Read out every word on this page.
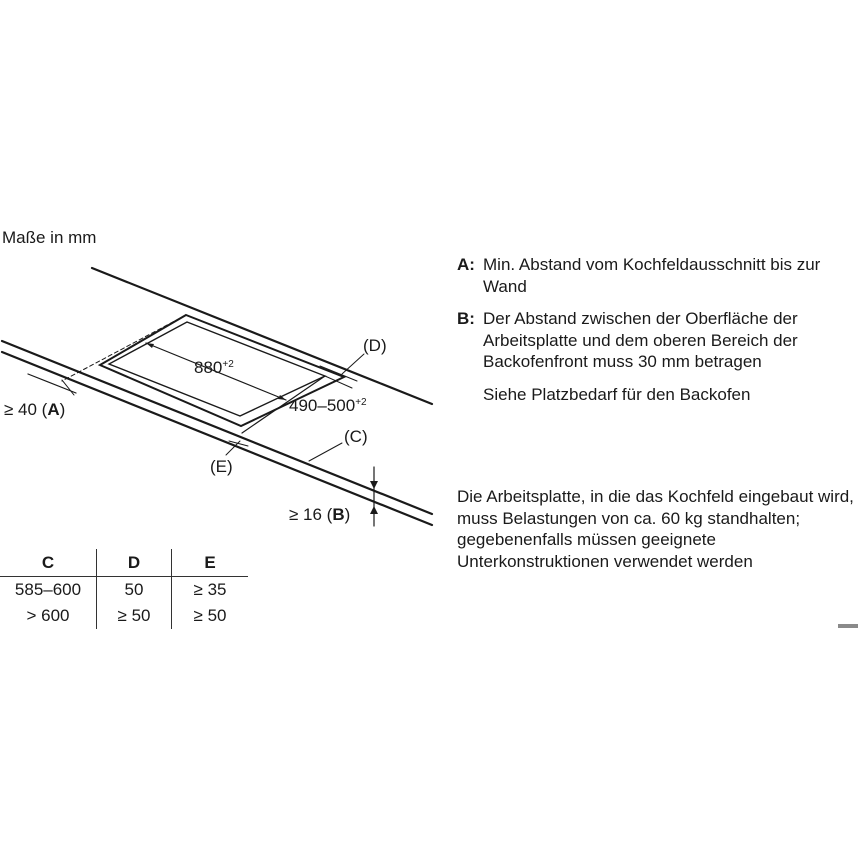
Maße in mm
$880^{+2}$
$490-500^{+2}$
(D)
(C)
(E)
≥ 40 (A)
≥ 16 (B)
C	D	E
585–600	50	≥ 35
> 600	≥ 50	≥ 50
A: Min. Abstand vom Kochfeldausschnitt bis zur Wand
B: Der Abstand zwischen der Oberfläche der Arbeitsplatte und dem oberen Bereich der Backofenfront muss 30 mm betragen
Siehe Platzbedarf für den Backofen
Die Arbeitsplatte, in die das Kochfeld eingebaut wird, muss Belastungen von ca. 60 kg standhalten; gegebenenfalls müssen geeignete Unterkonstruktionen verwendet werden
